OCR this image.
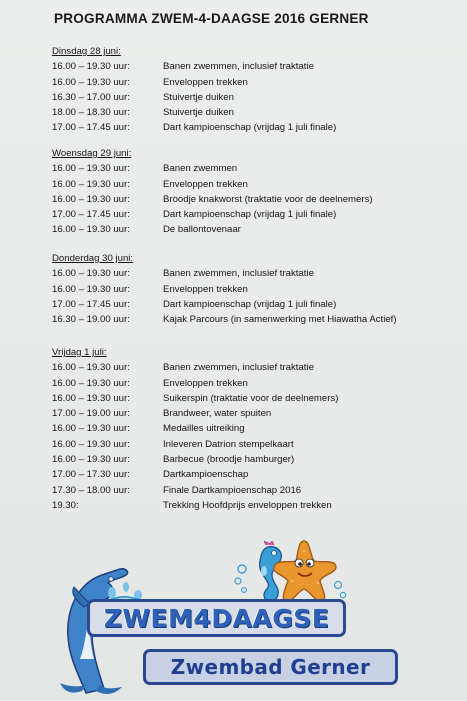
PROGRAMMA ZWEM-4-DAAGSE 2016 GERNER
Dinsdag 28 juni:
16.00 – 19.30 uur:	Banen zwemmen, inclusief traktatie
16.00 – 19.30 uur:	Enveloppen trekken
16.30 – 17.00 uur:	Stuivertje duiken
18.00 – 18.30 uur:	Stuivertje duiken
17.00 – 17.45 uur:	Dart kampioenschap (vrijdag 1 juli finale)
Woensdag 29 juni:
16.00 – 19.30 uur:	Banen zwemmen
16.00 – 19.30 uur:	Enveloppen trekken
16.00 – 19.30 uur:	Broodje knakworst (traktatie voor de deelnemers)
17.00 – 17.45 uur:	Dart kampioenschap (vrijdag 1 juli finale)
16.00 – 19.30 uur:	De ballontovenaar
Donderdag 30 juni:
16.00 – 19.30 uur:	Banen zwemmen, inclusief traktatie
16.00 – 19.30 uur:	Enveloppen trekken
17.00 – 17.45 uur:	Dart kampioenschap (vrijdag 1 juli finale)
16.30 – 19.00 uur:	Kajak Parcours (in samenwerking met Hiawatha Actief)
Vrijdag 1 juli:
16.00 – 19.30 uur:	Banen zwemmen, inclusief traktatie
16.00 – 19.30 uur:	Enveloppen trekken
16.00 – 19.30 uur:	Suikerspin (traktatie voor de deelnemers)
17.00 – 19.00 uur:	Brandweer, water spuiten
16.00 – 19.30 uur:	Medailles uitreiking
16.00 – 19.30 uur:	Inleveren Datrion stempelkaart
16.00 – 19.30 uur:	Barbecue (broodje hamburger)
17.00 – 17.30 uur:	Dartkampioenschap
17.30 – 18.00 uur:	Finale Dartkampioenschap 2016
19.30:	Trekking Hoofdprijs enveloppen trekken
ZWEM4DAAGSE
Zwembad Gerner
